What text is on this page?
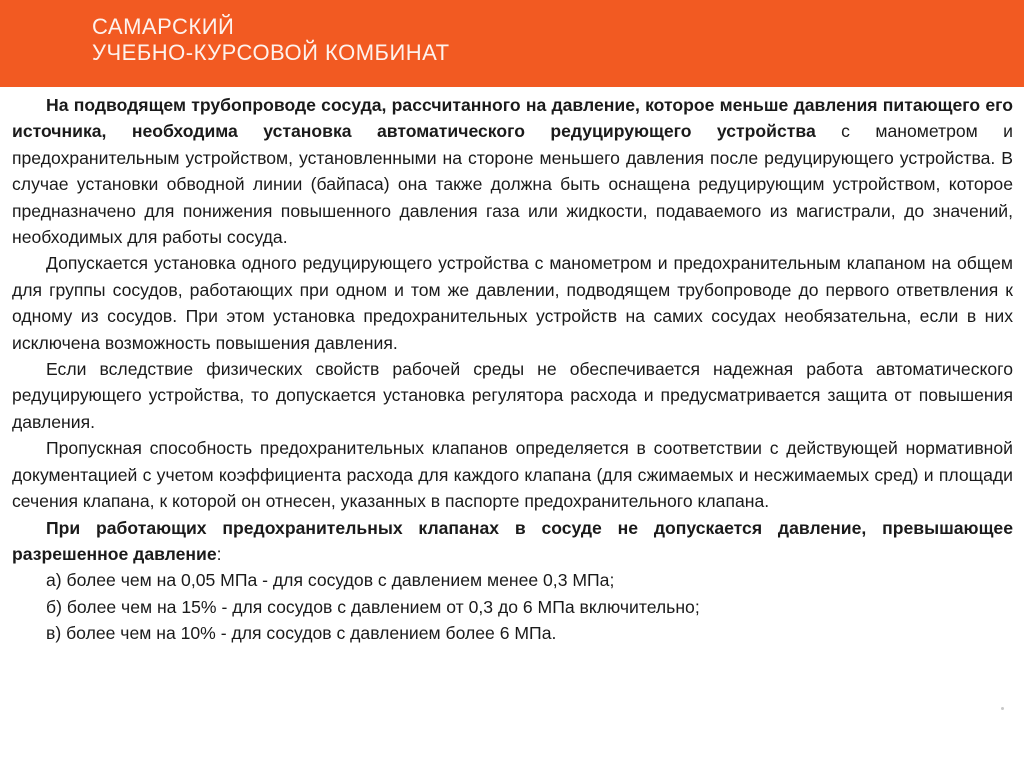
САМАРСКИЙ
УЧЕБНО-КУРСОВОЙ КОМБИНАТ

На подводящем трубопроводе сосуда, рассчитанного на давление, которое меньше давления питающего его источника, необходима установка автоматического редуцирующего устройства с манометром и предохранительным устройством, установленными на стороне меньшего давления после редуцирующего устройства. В случае установки обводной линии (байпаса) она также должна быть оснащена редуцирующим устройством, которое предназначено для понижения повышенного давления газа или жидкости, подаваемого из магистрали, до значений, необходимых для работы сосуда.

Допускается установка одного редуцирующего устройства с манометром и предохранительным клапаном на общем для группы сосудов, работающих при одном и том же давлении, подводящем трубопроводе до первого ответвления к одному из сосудов. При этом установка предохранительных устройств на самих сосудах необязательна, если в них исключена возможность повышения давления.

Если вследствие физических свойств рабочей среды не обеспечивается надежная работа автоматического редуцирующего устройства, то допускается установка регулятора расхода и предусматривается защита от повышения давления.

Пропускная способность предохранительных клапанов определяется в соответствии с действующей нормативной документацией с учетом коэффициента расхода для каждого клапана (для сжимаемых и несжимаемых сред) и площади сечения клапана, к которой он отнесен, указанных в паспорте предохранительного клапана.

При работающих предохранительных клапанах в сосуде не допускается давление, превышающее разрешенное давление:

а) более чем на 0,05 МПа - для сосудов с давлением менее 0,3 МПа;

б) более чем на 15% - для сосудов с давлением от 0,3 до 6 МПа включительно;

в) более чем на 10% - для сосудов с давлением более 6 МПа.
